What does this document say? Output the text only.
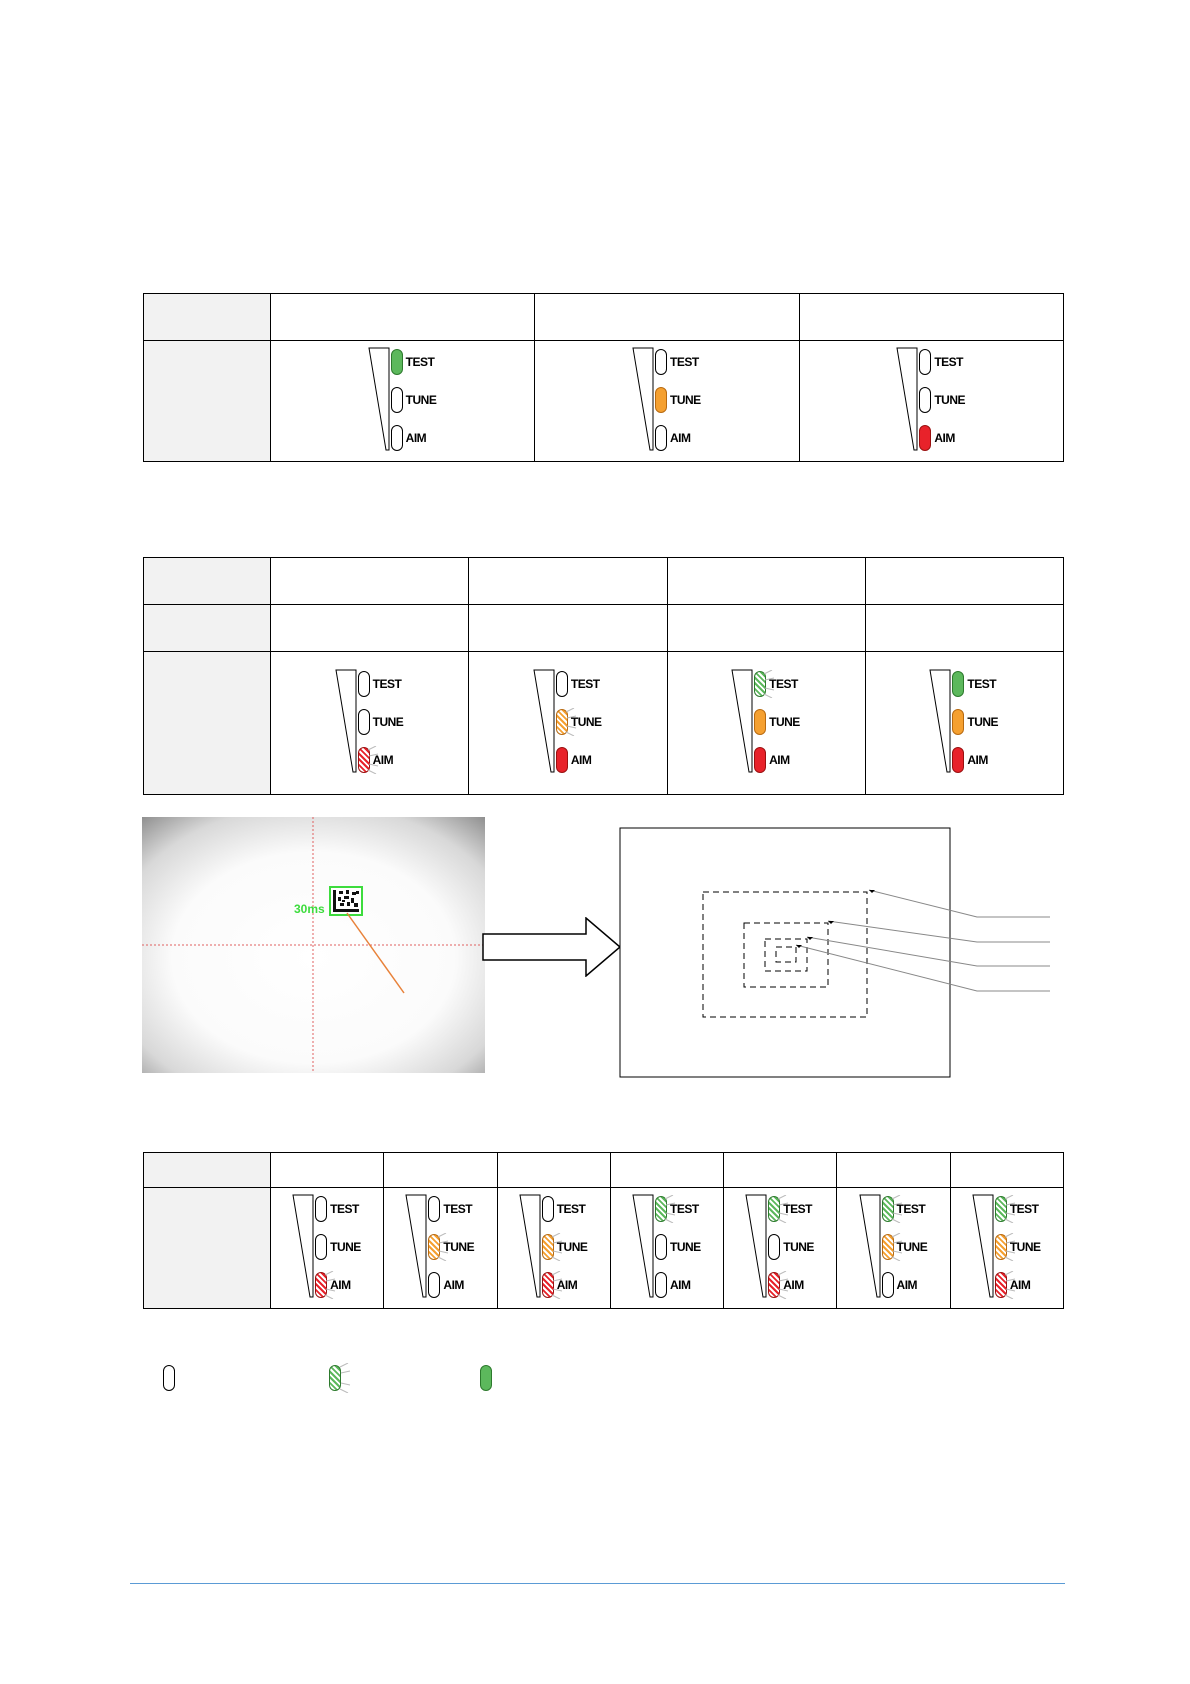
	TEST
TUNE
AIM	TEST
TUNE
AIM	TEST
TUNE
AIM

	TEST
TUNE
AIM	TEST
TUNE
AIM	TEST
TUNE
AIM	TEST
TUNE
AIM
30ms

	TEST
TUNE
AIM	TEST
TUNE
AIM	TEST
TUNE
AIM	TEST
TUNE
AIM	TEST
TUNE
AIM	TEST
TUNE
AIM	TEST
TUNE
AIM
